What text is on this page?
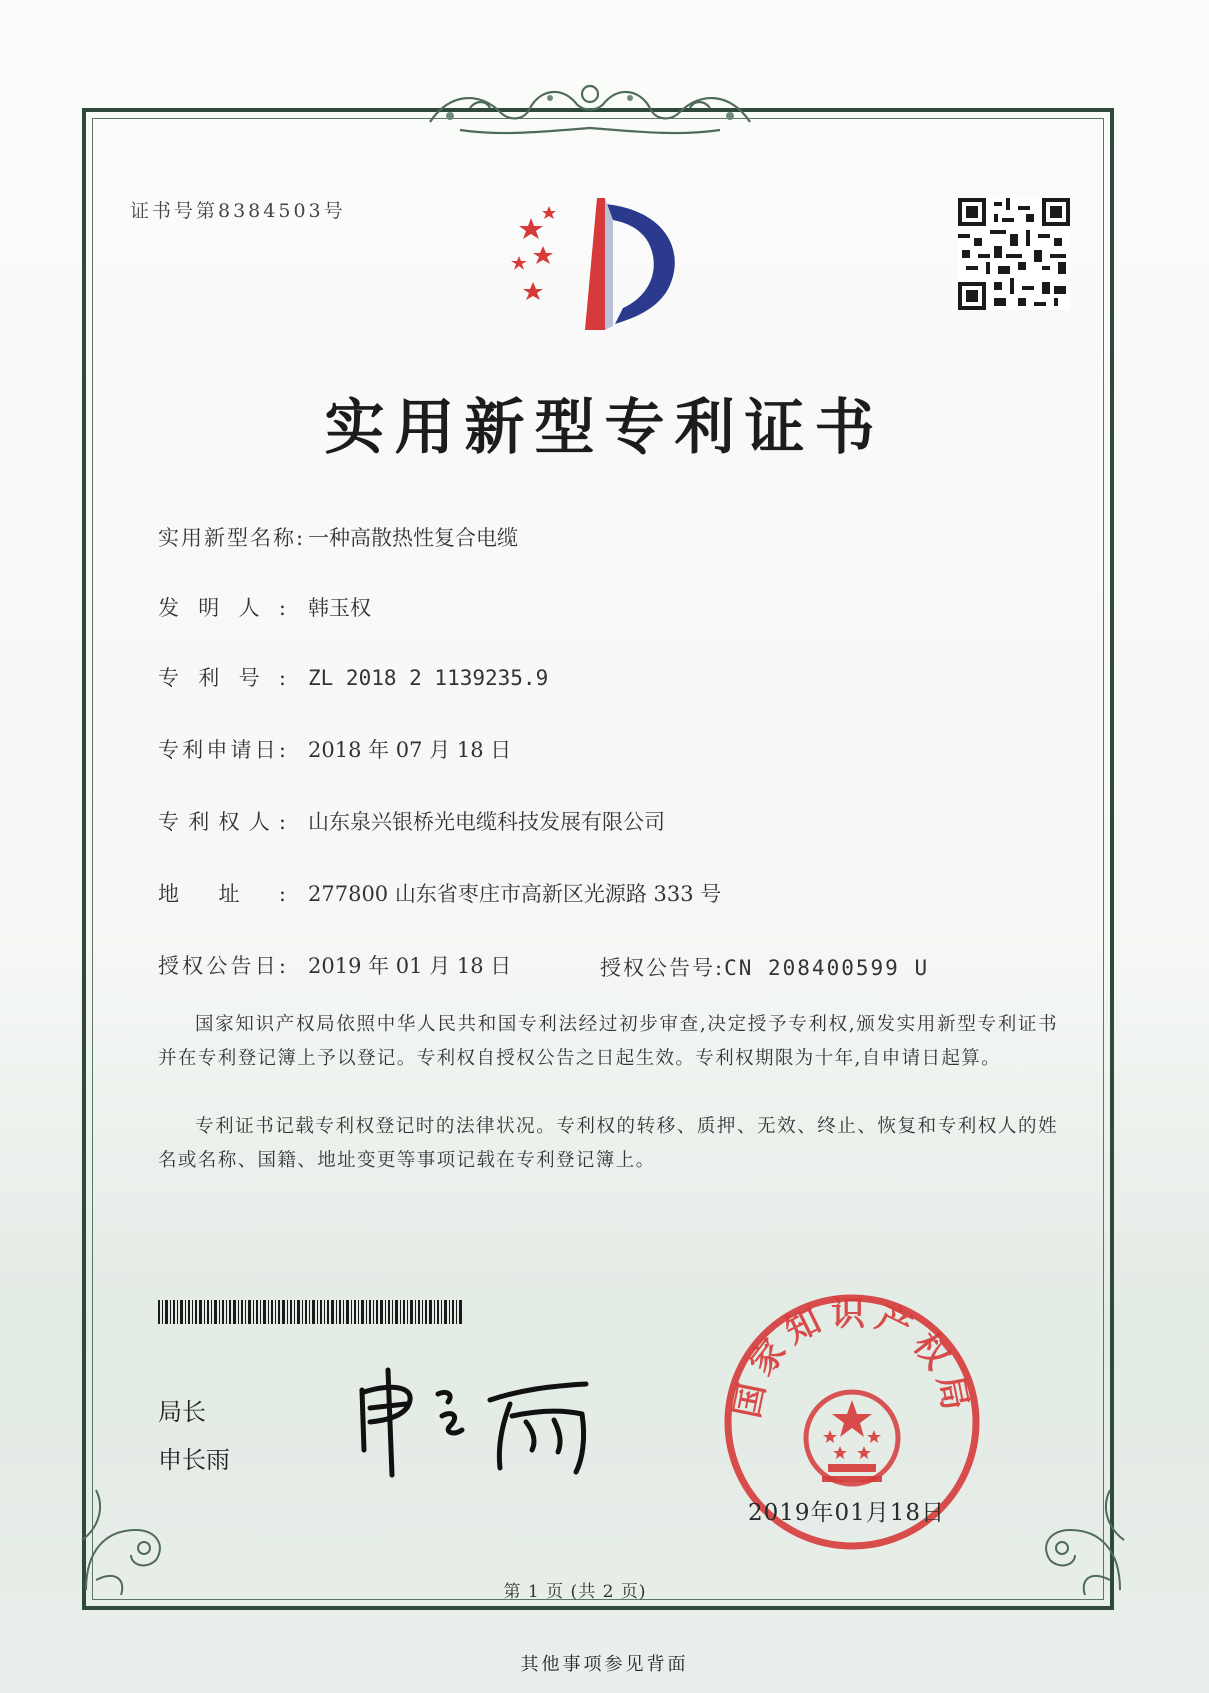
证书号第8384503号
实用新型专利证书
实用新型名称: 一种高散热性复合电缆
发明人: 韩玉权
专利号: ZL 2018 2 1139235.9
专利申请日: 2018 年 07 月 18 日
专利权人: 山东泉兴银桥光电缆科技发展有限公司
地址: 277800 山东省枣庄市高新区光源路 333 号
授权公告日: 2019 年 01 月 18 日	授权公告号:CN 208400599 U
国家知识产权局依照中华人民共和国专利法经过初步审查,决定授予专利权,颁发实用新型专利证书并在专利登记簿上予以登记。专利权自授权公告之日起生效。专利权期限为十年,自申请日起算。
专利证书记载专利权登记时的法律状况。专利权的转移、质押、无效、终止、恢复和专利权人的姓名或名称、国籍、地址变更等事项记载在专利登记簿上。
局长
申长雨
国家知识产权局
2019年01月18日
第 1 页 (共 2 页)
其他事项参见背面
